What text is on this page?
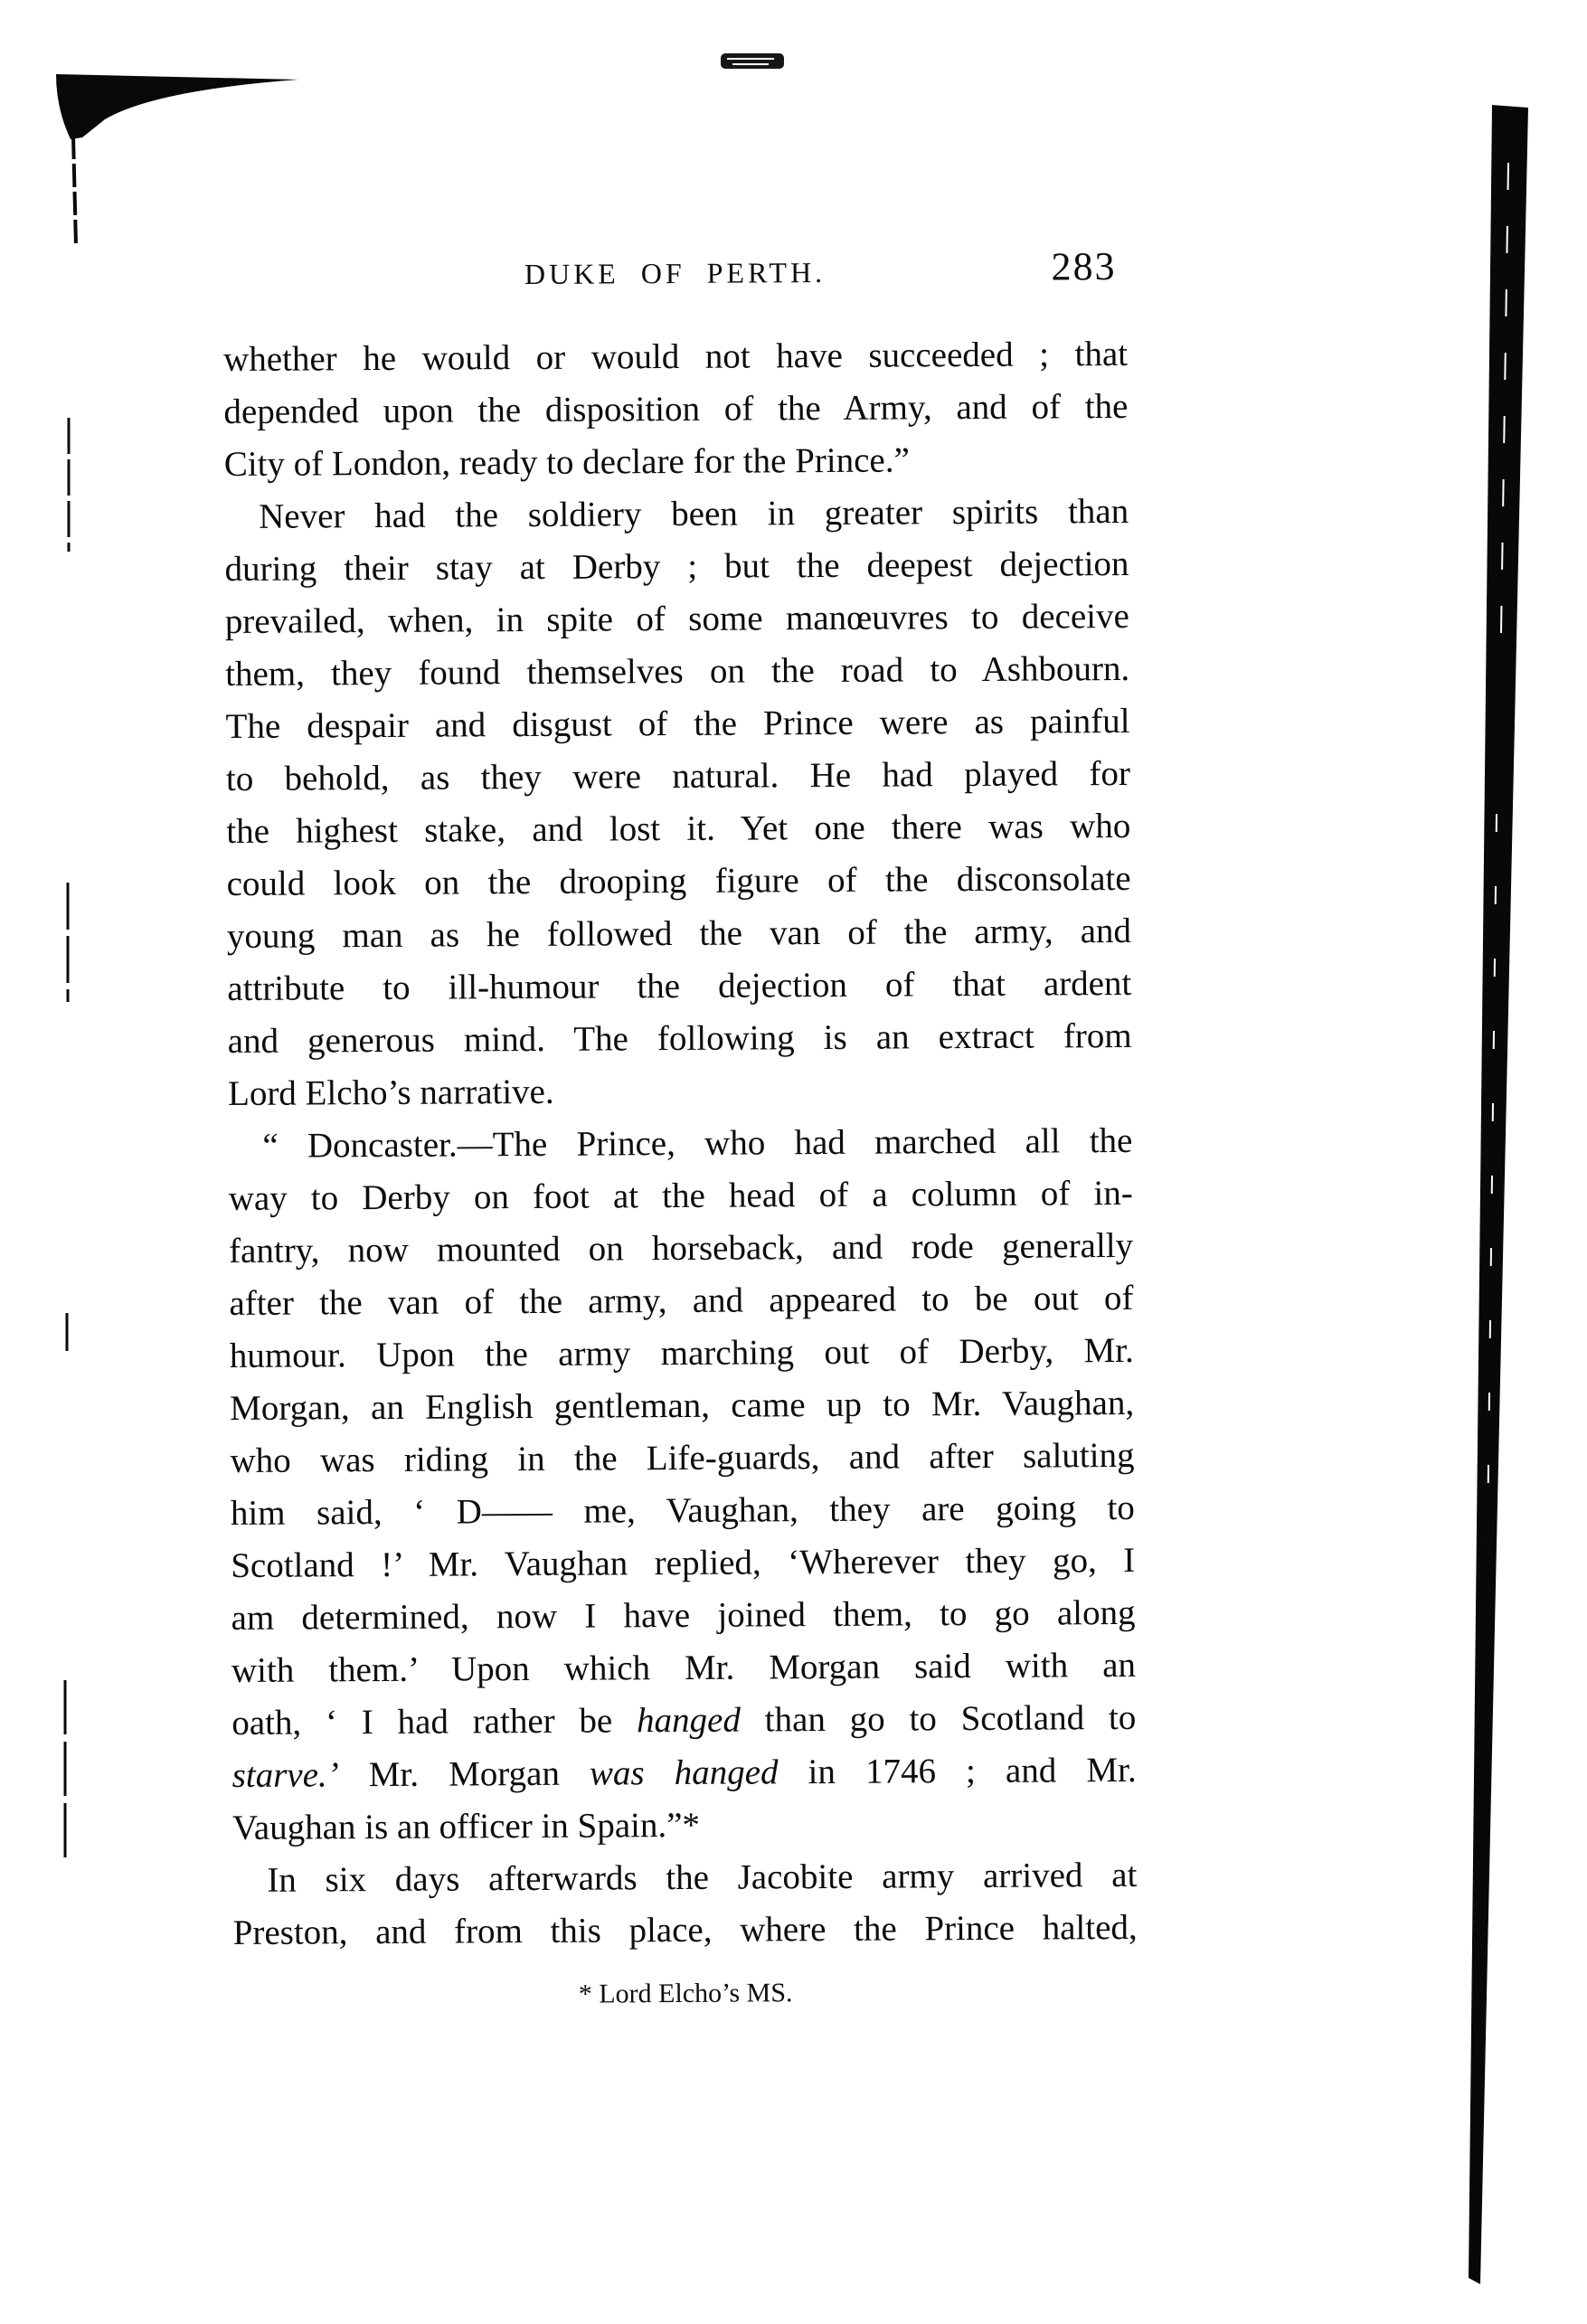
DUKE OF PERTH.	283
whether he would or would not have succeeded ; that
depended upon the disposition of the Army, and of the
City of London, ready to declare for the Prince.”
Never had the soldiery been in greater spirits than
during their stay at Derby ; but the deepest dejection
prevailed, when, in spite of some manœuvres to deceive
them, they found themselves on the road to Ashbourn.
The despair and disgust of the Prince were as painful
to behold, as they were natural. He had played for
the highest stake, and lost it. Yet one there was who
could look on the drooping figure of the disconsolate
young man as he followed the van of the army, and
attribute to ill-humour the dejection of that ardent
and generous mind. The following is an extract from
Lord Elcho’s narrative.
“ Doncaster.—The Prince, who had marched all the
way to Derby on foot at the head of a column of in-
fantry, now mounted on horseback, and rode generally
after the van of the army, and appeared to be out of
humour. Upon the army marching out of Derby, Mr.
Morgan, an English gentleman, came up to Mr. Vaughan,
who was riding in the Life-guards, and after saluting
him said, ‘ D—— me, Vaughan, they are going to
Scotland !’ Mr. Vaughan replied, ‘Wherever they go, I
am determined, now I have joined them, to go along
with them.’ Upon which Mr. Morgan said with an
oath, ‘ I had rather be hanged than go to Scotland to
starve.’ Mr. Morgan was hanged in 1746 ; and Mr.
Vaughan is an officer in Spain.”*
In six days afterwards the Jacobite army arrived at
Preston, and from this place, where the Prince halted,
* Lord Elcho’s MS.
